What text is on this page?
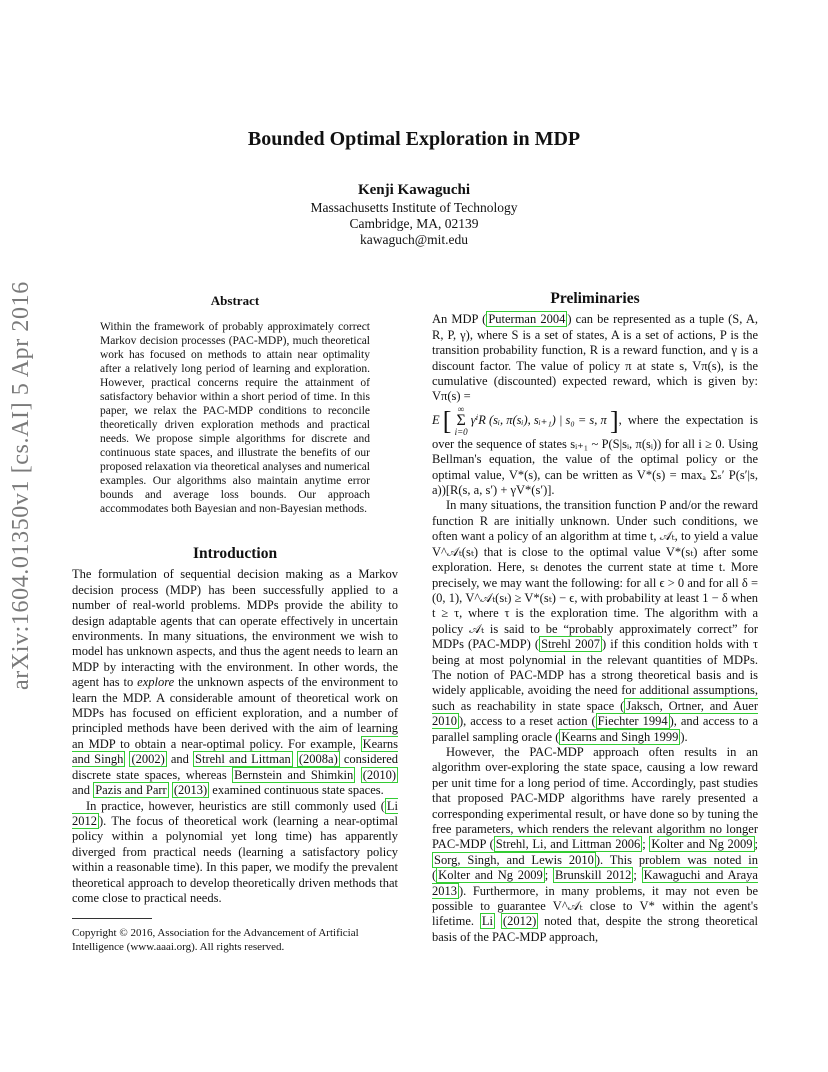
arXiv:1604.01350v1 [cs.AI] 5 Apr 2016
Bounded Optimal Exploration in MDP
Kenji Kawaguchi
Massachusetts Institute of Technology
Cambridge, MA, 02139
kawaguch@mit.edu
Abstract
Within the framework of probably approximately correct Markov decision processes (PAC-MDP), much theoretical work has focused on methods to attain near optimality after a relatively long period of learning and exploration. However, practical concerns require the attainment of satisfactory behavior within a short period of time. In this paper, we relax the PAC-MDP conditions to reconcile theoretically driven exploration methods and practical needs. We propose simple algorithms for discrete and continuous state spaces, and illustrate the benefits of our proposed relaxation via theoretical analyses and numerical examples. Our algorithms also maintain anytime error bounds and average loss bounds. Our approach accommodates both Bayesian and non-Bayesian methods.
Introduction

The formulation of sequential decision making as a Markov decision process (MDP) has been successfully applied to a number of real-world problems. MDPs provide the ability to design adaptable agents that can operate effectively in uncertain environments. In many situations, the environment we wish to model has unknown aspects, and thus the agent needs to learn an MDP by interacting with the environment. In other words, the agent has to explore the unknown aspects of the environment to learn the MDP. A considerable amount of theoretical work on MDPs has focused on efficient exploration, and a number of principled methods have been derived with the aim of learning an MDP to obtain a near-optimal policy. For example, Kearns and Singh (2002) and Strehl and Littman (2008a) considered discrete state spaces, whereas Bernstein and Shimkin (2010) and Pazis and Parr (2013) examined continuous state spaces.

In practice, however, heuristics are still commonly used ( Li 2012 ). The focus of theoretical work (learning a near-optimal policy within a polynomial yet long time) has apparently diverged from practical needs (learning a satisfactory policy within a reasonable time). In this paper, we modify the prevalent theoretical approach to develop theoretically driven methods that come close to practical needs.

Copyright © 2016, Association for the Advancement of Artificial Intelligence (www.aaai.org). All rights reserved.
Preliminaries

An MDP ( Puterman 2004 ) can be represented as a tuple (S, A, R, P, γ), where S is a set of states, A is a set of actions, P is the transition probability function, R is a reward function, and γ is a discount factor. The value of policy π at state s, Vπ(s), is the cumulative (discounted) expected reward, which is given by: Vπ(s) =
E [ ∞
Σ
i=0 γⁱR (sᵢ, π(sᵢ), sᵢ₊₁) | s₀ = s, π ], where the expectation is over the sequence of states sᵢ₊₁ ~ P(S|sᵢ, π(sᵢ)) for all i ≥ 0. Using Bellman's equation, the value of the optimal policy or the optimal value, V*(s), can be written as V*(s) = maxₐ Σₛ′ P(s′|s, a))[R(s, a, s′) + γV*(s′)].

In many situations, the transition function P and/or the reward function R are initially unknown. Under such conditions, we often want a policy of an algorithm at time t, 𝒜ₜ, to yield a value V^𝒜ₜ(sₜ) that is close to the optimal value V*(sₜ) after some exploration. Here, sₜ denotes the current state at time t. More precisely, we may want the following: for all ϵ > 0 and for all δ = (0, 1), V^𝒜ₜ(sₜ) ≥ V*(sₜ) − ϵ, with probability at least 1 − δ when t ≥ τ, where τ is the exploration time. The algorithm with a policy 𝒜ₜ is said to be “probably approximately correct” for MDPs (PAC-MDP) ( Strehl 2007 ) if this condition holds with τ being at most polynomial in the relevant quantities of MDPs. The notion of PAC-MDP has a strong theoretical basis and is widely applicable, avoiding the need for additional assumptions, such as reachability in state space ( Jaksch, Ortner, and Auer 2010 ), access to a reset action ( Fiechter 1994 ), and access to a parallel sampling oracle ( Kearns and Singh 1999 ).

However, the PAC-MDP approach often results in an algorithm over-exploring the state space, causing a low reward per unit time for a long period of time. Accordingly, past studies that proposed PAC-MDP algorithms have rarely presented a corresponding experimental result, or have done so by tuning the free parameters, which renders the relevant algorithm no longer PAC-MDP ( Strehl, Li, and Littman 2006 ; Kolter and Ng 2009 ; Sorg, Singh, and Lewis 2010 ). This problem was noted in ( Kolter and Ng 2009 ; Brunskill 2012 ; Kawaguchi and Araya 2013 ). Furthermore, in many problems, it may not even be possible to guarantee V^𝒜ₜ close to V* within the agent's lifetime. Li (2012) noted that, despite the strong theoretical basis of the PAC-MDP approach,
